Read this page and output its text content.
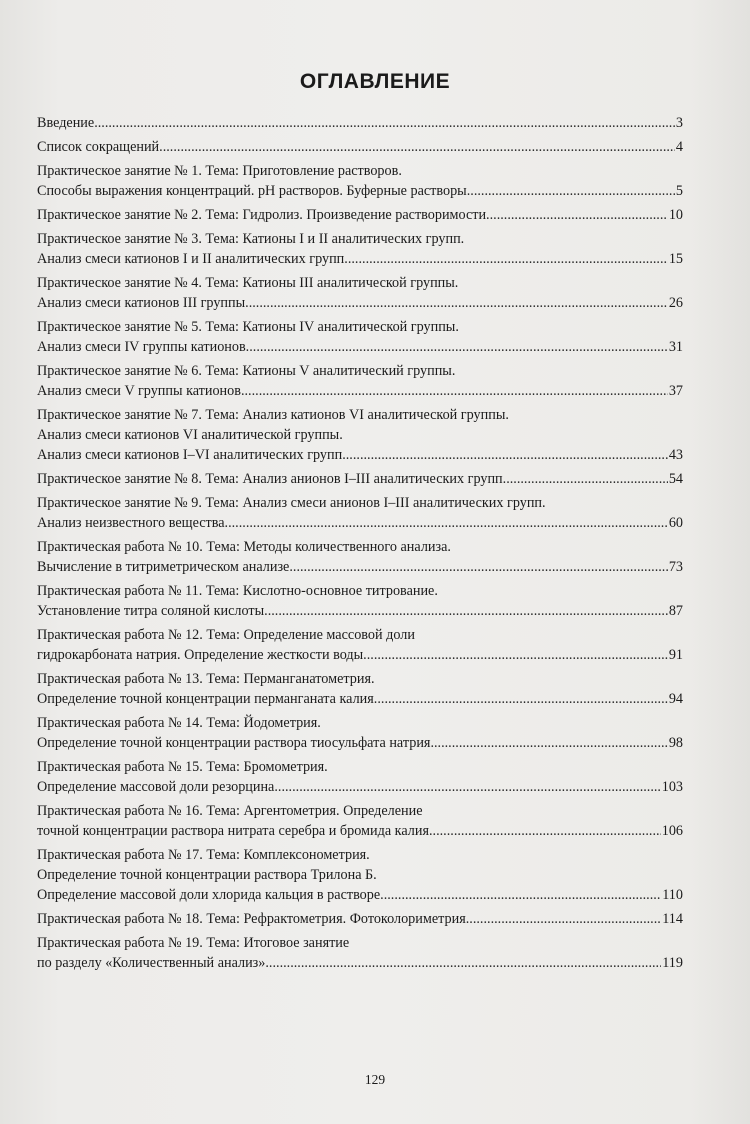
ОГЛАВЛЕНИЕ
Введение .....	3
Список сокращений .....	4
Практическое занятие № 1. Тема: Приготовление растворов.
Способы выражения концентраций. pH растворов. Буферные растворы .....	5
Практическое занятие № 2. Тема: Гидролиз. Произведение растворимости .....	10
Практическое занятие № 3. Тема: Катионы I и II аналитических групп.
Анализ смеси катионов I и II аналитических групп .....	15
Практическое занятие № 4. Тема: Катионы III аналитической группы.
Анализ смеси катионов III группы .....	26
Практическое занятие № 5. Тема: Катионы IV аналитической группы.
Анализ смеси IV группы катионов .....	31
Практическое занятие № 6. Тема: Катионы V аналитический группы.
Анализ смеси V группы катионов .....	37
Практическое занятие № 7. Тема: Анализ катионов VI аналитической группы.
Анализ смеси катионов VI аналитической группы.
Анализ смеси катионов I–VI аналитических групп .....	43
Практическое занятие № 8. Тема: Анализ анионов I–III аналитических групп .....	54
Практическое занятие № 9. Тема: Анализ смеси анионов I–III аналитических групп.
Анализ неизвестного вещества .....	60
Практическая работа № 10. Тема: Методы количественного анализа.
Вычисление в титриметрическом анализе .....	73
Практическая работа № 11. Тема: Кислотно-основное титрование.
Установление титра соляной кислоты .....	87
Практическая работа № 12. Тема: Определение массовой доли
гидрокарбоната натрия. Определение жесткости воды .....	91
Практическая работа № 13. Тема: Перманганатометрия.
Определение точной концентрации перманганата калия .....	94
Практическая работа № 14. Тема: Йодометрия.
Определение точной концентрации раствора тиосульфата натрия .....	98
Практическая работа № 15. Тема: Бромометрия.
Определение массовой доли резорцина .....	103
Практическая работа № 16. Тема: Аргентометрия. Определение
точной концентрации раствора нитрата серебра и бромида калия .....	106
Практическая работа № 17. Тема: Комплексонометрия.
Определение точной концентрации раствора Трилона Б.
Определение массовой доли хлорида кальция в растворе .....	110
Практическая работа № 18. Тема: Рефрактометрия. Фотоколориметрия .....	114
Практическая работа № 19. Тема: Итоговое занятие
по разделу «Количественный анализ» .....	119
129
